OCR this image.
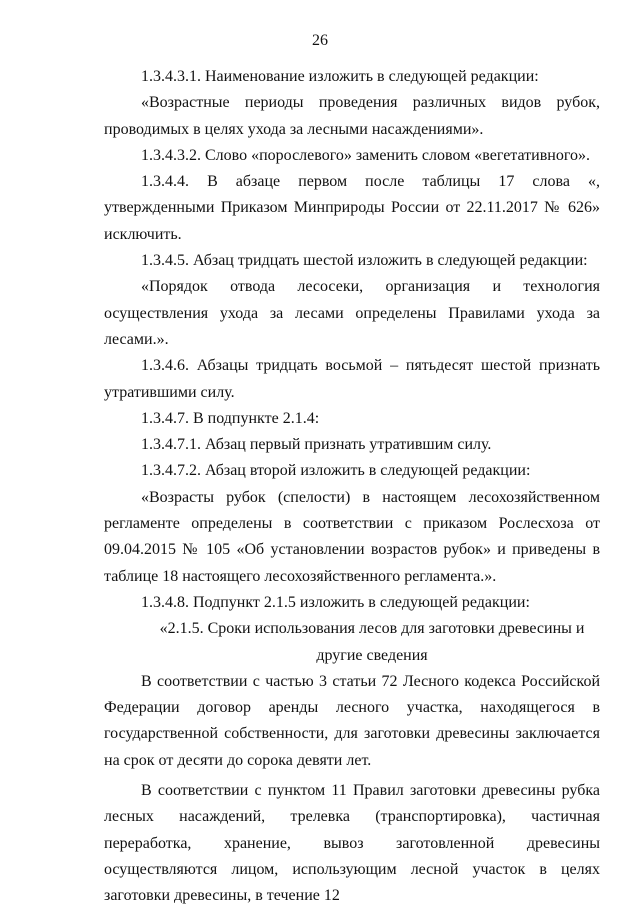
26

1.3.4.3.1. Наименование изложить в следующей редакции:

«Возрастные периоды проведения различных видов рубок, проводимых в целях ухода за лесными насаждениями».

1.3.4.3.2. Слово «порослевого» заменить словом «вегетативного».

1.3.4.4. В абзаце первом после таблицы 17 слова «, утвержденными Приказом Минприроды России от 22.11.2017 № 626» исключить.

1.3.4.5. Абзац тридцать шестой изложить в следующей редакции:

«Порядок отвода лесосеки, организация и технология осуществления ухода за лесами определены Правилами ухода за лесами.».

1.3.4.6. Абзацы тридцать восьмой – пятьдесят шестой признать утратившими силу.

1.3.4.7. В подпункте 2.1.4:

1.3.4.7.1. Абзац первый признать утратившим силу.

1.3.4.7.2. Абзац второй изложить в следующей редакции:

«Возрасты рубок (спелости) в настоящем лесохозяйственном регламенте определены в соответствии с приказом Рослесхоза от 09.04.2015 № 105 «Об установлении возрастов рубок» и приведены в таблице 18 настоящего лесохозяйственного регламента.».

1.3.4.8. Подпункт 2.1.5 изложить в следующей редакции:

«2.1.5. Сроки использования лесов для заготовки древесины и другие сведения

В соответствии с частью 3 статьи 72 Лесного кодекса Российской Федерации договор аренды лесного участка, находящегося в государственной собственности, для заготовки древесины заключается на срок от десяти до сорока девяти лет.

В соответствии с пунктом 11 Правил заготовки древесины рубка лесных насаждений, трелевка (транспортировка), частичная переработка, хранение, вывоз заготовленной древесины осуществляются лицом, использующим лесной участок в целях заготовки древесины, в течение 12
